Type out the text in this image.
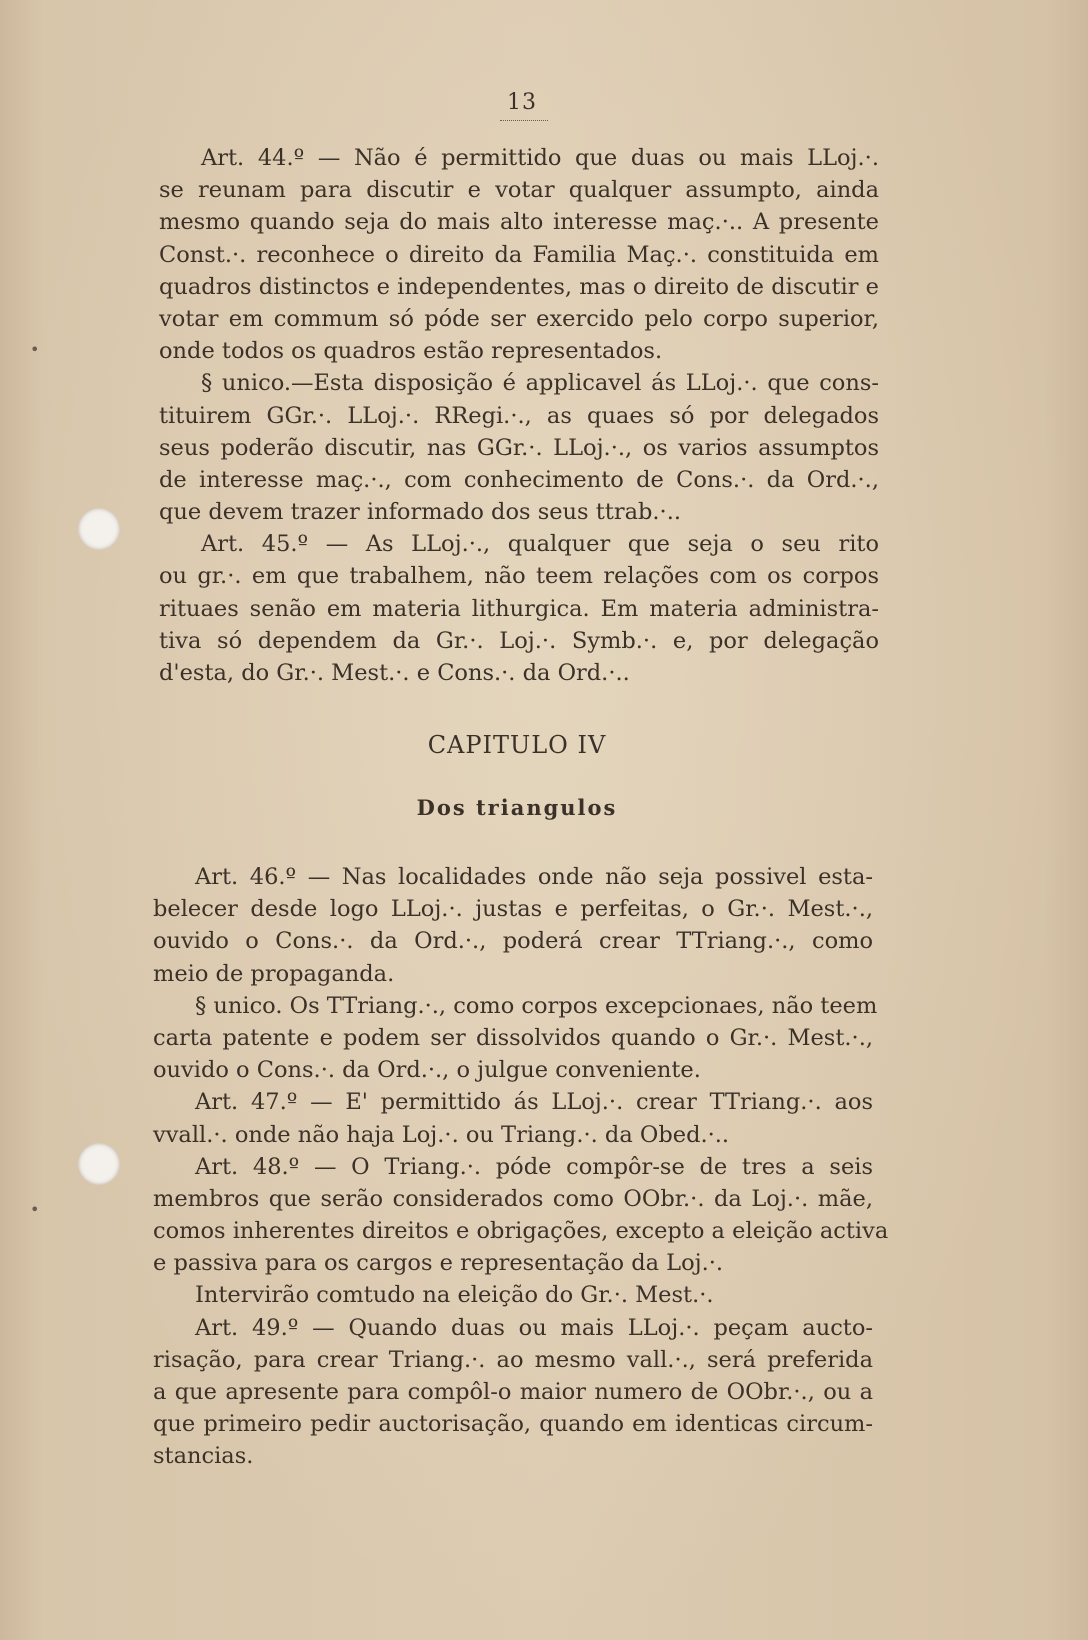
•
•
13
Art. 44.º — Não é permittido que duas ou mais LLoj.·.
se reunam para discutir e votar qualquer assumpto, ainda
mesmo quando seja do mais alto interesse maç.·.. A presente
Const.·. reconhece o direito da Familia Maç.·. constituida em
quadros distinctos e independentes, mas o direito de discutir e
votar em commum só póde ser exercido pelo corpo superior,
onde todos os quadros estão representados.
§ unico.—Esta disposição é applicavel ás LLoj.·. que cons-
tituirem GGr.·. LLoj.·. RRegi.·., as quaes só por delegados
seus poderão discutir, nas GGr.·. LLoj.·., os varios assumptos
de interesse maç.·., com conhecimento de Cons.·. da Ord.·.,
que devem trazer informado dos seus ttrab.·..
Art. 45.º — As LLoj.·., qualquer que seja o seu rito
ou gr.·. em que trabalhem, não teem relações com os corpos
rituaes senão em materia lithurgica. Em materia administra-
tiva só dependem da Gr.·. Loj.·. Symb.·. e, por delegação
d'esta, do Gr.·. Mest.·. e Cons.·. da Ord.·..
CAPITULO IV
Dos triangulos
Art. 46.º — Nas localidades onde não seja possivel esta-
belecer desde logo LLoj.·. justas e perfeitas, o Gr.·. Mest.·.,
ouvido o Cons.·. da Ord.·., poderá crear TTriang.·., como
meio de propaganda.
§ unico. Os TTriang.·., como corpos excepcionaes, não teem
carta patente e podem ser dissolvidos quando o Gr.·. Mest.·.,
ouvido o Cons.·. da Ord.·., o julgue conveniente.
Art. 47.º — E' permittido ás LLoj.·. crear TTriang.·. aos
vvall.·. onde não haja Loj.·. ou Triang.·. da Obed.·..
Art. 48.º — O Triang.·. póde compôr-se de tres a seis
membros que serão considerados como OObr.·. da Loj.·. mãe,
comos inherentes direitos e obrigações, excepto a eleição activa
e passiva para os cargos e representação da Loj.·.
Intervirão comtudo na eleição do Gr.·. Mest.·.
Art. 49.º — Quando duas ou mais LLoj.·. peçam aucto-
risação, para crear Triang.·. ao mesmo vall.·., será preferida
a que apresente para compôl-o maior numero de OObr.·., ou a
que primeiro pedir auctorisação, quando em identicas circum-
stancias.
